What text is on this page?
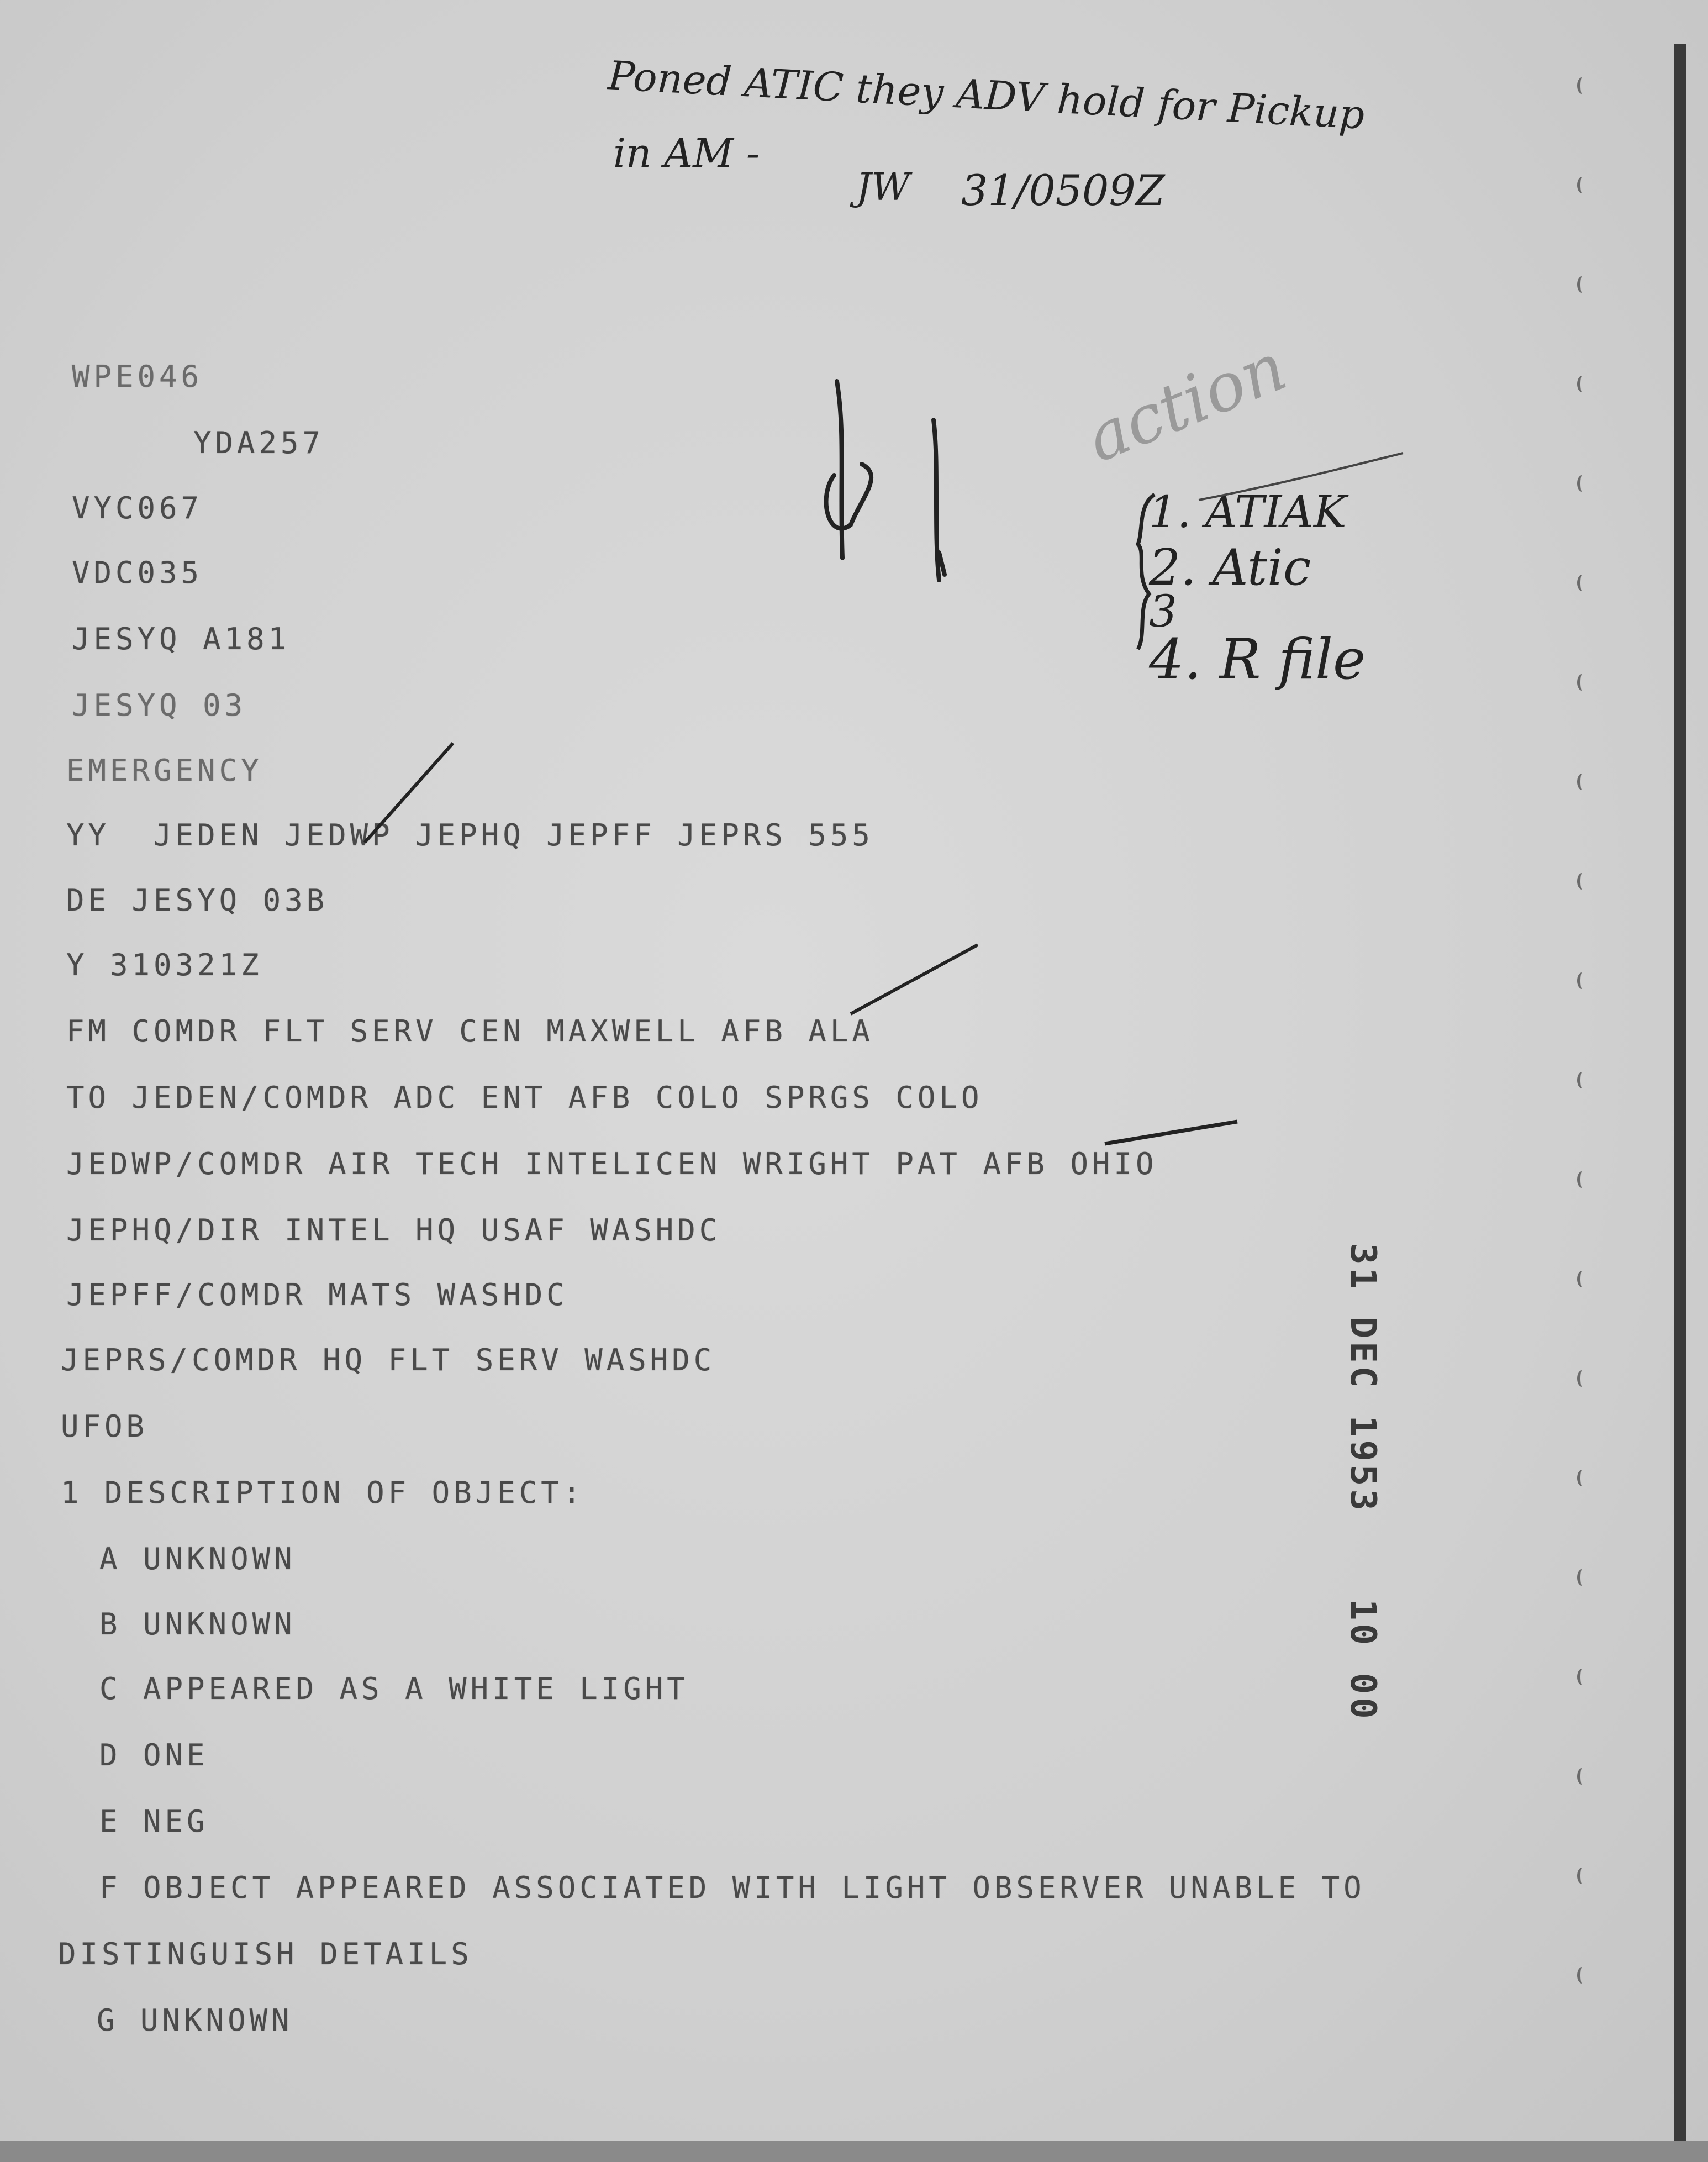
Poned ATIC they ADV hold for Pickup
in AM -
JW 31/0509Z
action
1. ATIAK
2. Atic
3
4. R file
WPE046
YDA257
VYC067
VDC035
JESYQ A181
JESYQ 03
EMERGENCY
YY  JEDEN JEDWP JEPHQ JEPFF JEPRS 555
DE JESYQ 03B
Y 310321Z
FM COMDR FLT SERV CEN MAXWELL AFB ALA
TO JEDEN/COMDR ADC ENT AFB COLO SPRGS COLO
JEDWP/COMDR AIR TECH INTELICEN WRIGHT PAT AFB OHIO
JEPHQ/DIR INTEL HQ USAF WASHDC
JEPFF/COMDR MATS WASHDC
JEPRS/COMDR HQ FLT SERV WASHDC
UFOB
1 DESCRIPTION OF OBJECT:
A UNKNOWN
B UNKNOWN
C APPEARED AS A WHITE LIGHT
D ONE
E NEG
F OBJECT APPEARED ASSOCIATED WITH LIGHT OBSERVER UNABLE TO
DISTINGUISH DETAILS
G UNKNOWN
31 DEC 1953 10 00
